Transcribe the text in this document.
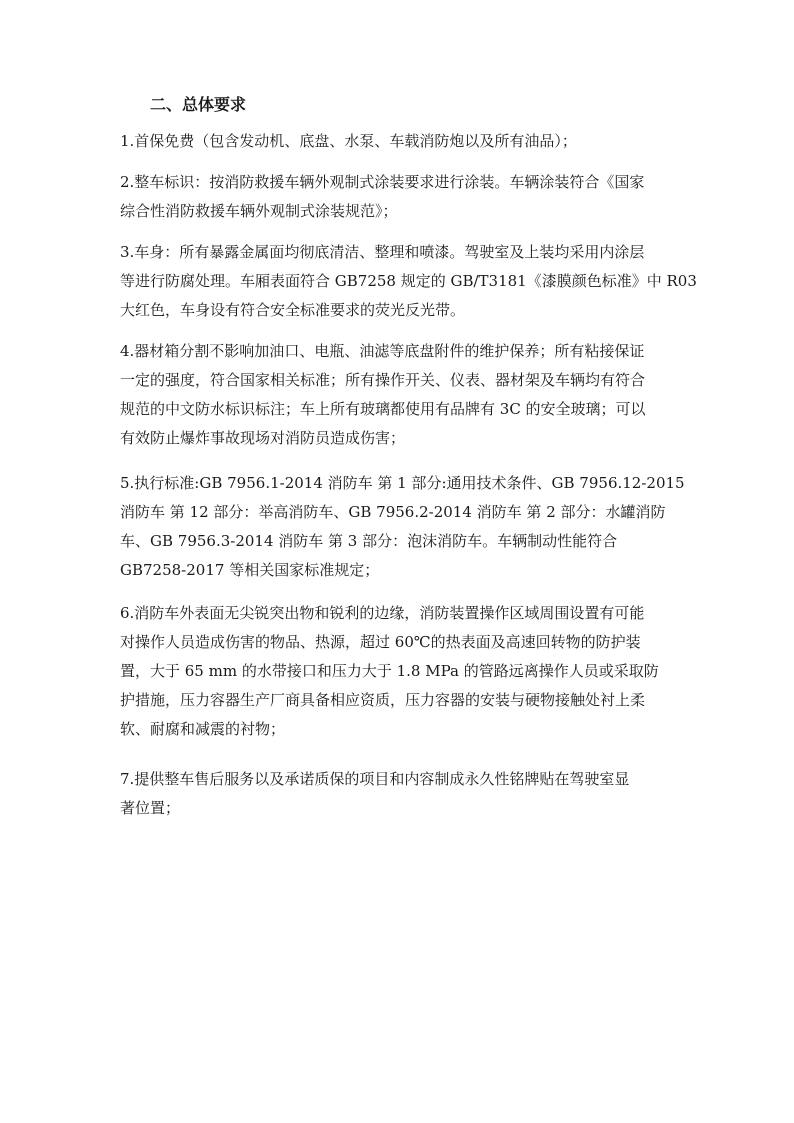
二、总体要求
1.首保免费（包含发动机、底盘、水泵、车载消防炮以及所有油品）；
2.整车标识：按消防救援车辆外观制式涂装要求进行涂装。车辆涂装符合《国家
综合性消防救援车辆外观制式涂装规范》；
3.车身：所有暴露金属面均彻底清洁、整理和喷漆。驾驶室及上装均采用内涂层
等进行防腐处理。车厢表面符合 GB7258 规定的 GB/T3181《漆膜颜色标准》中 R03
大红色，车身设有符合安全标准要求的荧光反光带。
4.器材箱分割不影响加油口、电瓶、油滤等底盘附件的维护保养；所有粘接保证
一定的强度，符合国家相关标准；所有操作开关、仪表、器材架及车辆均有符合
规范的中文防水标识标注；车上所有玻璃都使用有品牌有 3C 的安全玻璃；可以
有效防止爆炸事故现场对消防员造成伤害；
5.执行标准:GB 7956.1-2014 消防车 第 1 部分:通用技术条件、GB 7956.12-2015
消防车 第 12 部分：举高消防车、GB 7956.2-2014 消防车 第 2 部分：水罐消防
车、GB 7956.3-2014 消防车 第 3 部分：泡沫消防车。车辆制动性能符合
GB7258-2017 等相关国家标准规定；
6.消防车外表面无尖锐突出物和锐利的边缘，消防装置操作区域周围设置有可能
对操作人员造成伤害的物品、热源，超过 60℃的热表面及高速回转物的防护装
置，大于 65 mm 的水带接口和压力大于 1.8 MPa 的管路远离操作人员或采取防
护措施，压力容器生产厂商具备相应资质，压力容器的安装与硬物接触处衬上柔
软、耐腐和减震的衬物；
7.提供整车售后服务以及承诺质保的项目和内容制成永久性铭牌贴在驾驶室显
著位置；
